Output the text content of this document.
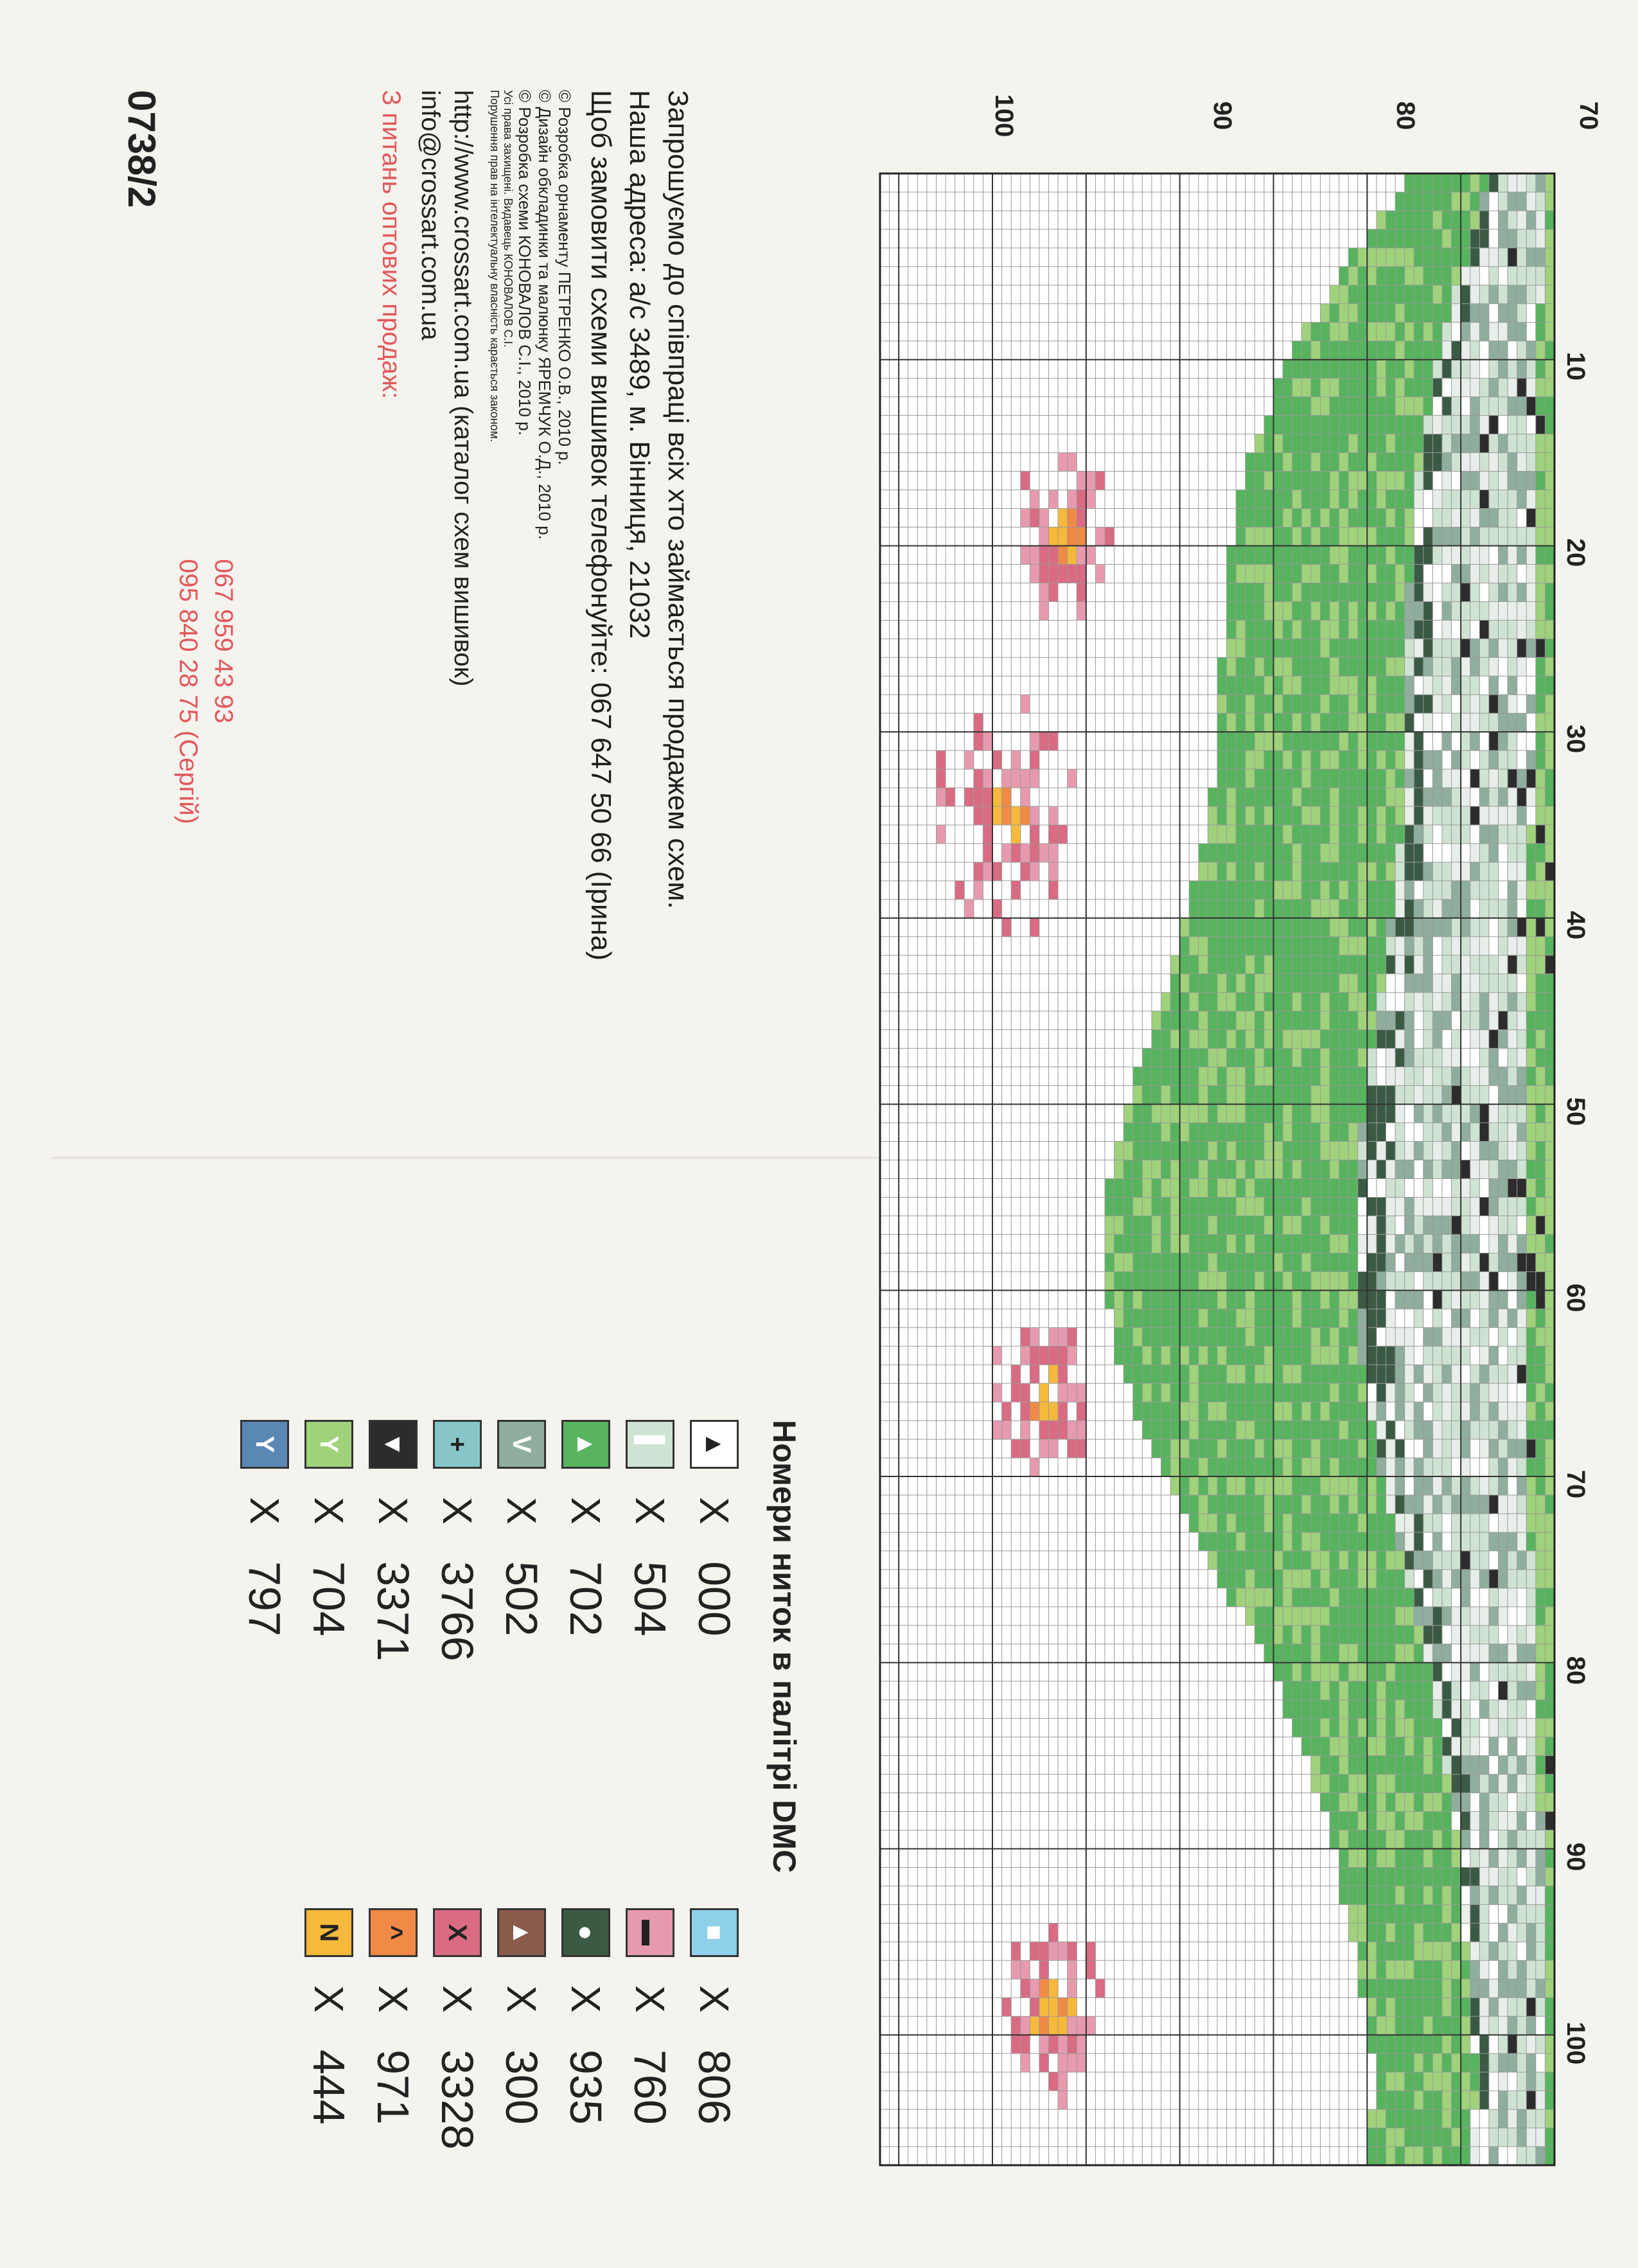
70
80
90
100
10
20
30
40
50
60
70
80
90
100
Запрошуємо до співпраці всіх хто займається продажем схем.
Наша адреса: а/с 3489, м. Вінниця, 21032
Щоб замовити схеми вишивок телефонуйте: 067 647 50 66 (Ірина)
© Розробка орнаменту ПЕТРЕНКО О.В., 2010 р.
© Дизайн обкладинки та малюнку ЯРЕМЧУК О.Д., 2010 р.
© Розробка схеми КОНОВАЛОВ С.І., 2010 р.
Усі права захищені. Видавець КОНОВАЛОВ С.І.
Порушення прав на інтелектуальну власність карається законом.
http://www.crossart.com.ua (каталог схем вишивок)
info@crossart.com.ua
З питань оптових продаж:
067 959 43 93
095 840 28 75 (Сергій)
0738/2
Номери ниток в палітрі DMC
▲
X
000
▌
X
504
▲
X
702
V
X
502
+
X
3766
▼
X
3371
Y
X
704
Y
X
797
■
X
806
▬
X
760
●
X
935
▲
X
300
X
X
3328
^
X
971
N
X
444
